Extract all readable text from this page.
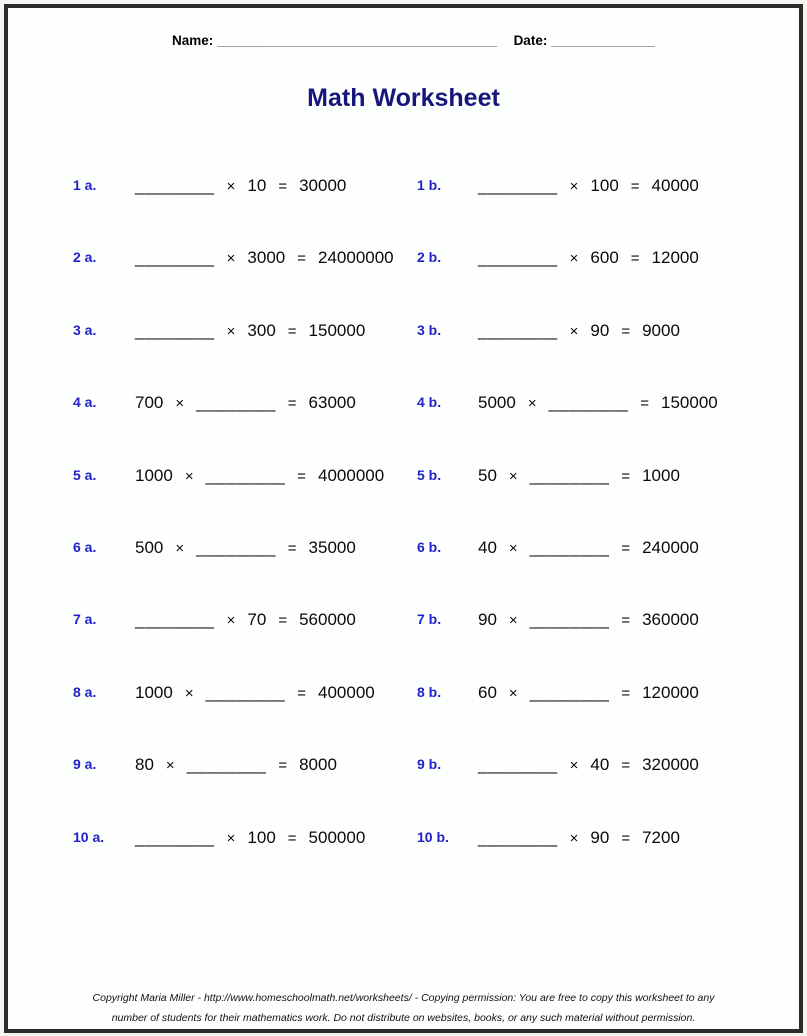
Name: ___________________________________ Date: _____________
Math Worksheet
1 a.	________ × 10 = 30000	1 b.	________ × 100 = 40000
2 a.	________ × 3000 = 24000000 2 b.	________ × 600 = 12000
3 a.	________ × 300 = 150000	3 b.	________ × 90 = 9000
4 a.	700 × ________ = 63000	4 b.	5000 × ________ = 150000
5 a.	1000 × ________ = 4000000 5 b.	50 × ________ = 1000
6 a.	500 × ________ = 35000	6 b.	40 × ________ = 240000
7 a.	________ × 70 = 560000	7 b.	90 × ________ = 360000
8 a.	1000 × ________ = 400000	8 b.	60 × ________ = 120000
9 a.	80 × ________ = 8000	9 b.	________ × 40 = 320000
10 a.	________ × 100 = 500000	10 b.	________ × 90 = 7200
Copyright Maria Miller - http://www.homeschoolmath.net/worksheets/ - Copying permission: You are free to copy this worksheet to any
number of students for their mathematics work. Do not distribute on websites, books, or any such material without permission.
